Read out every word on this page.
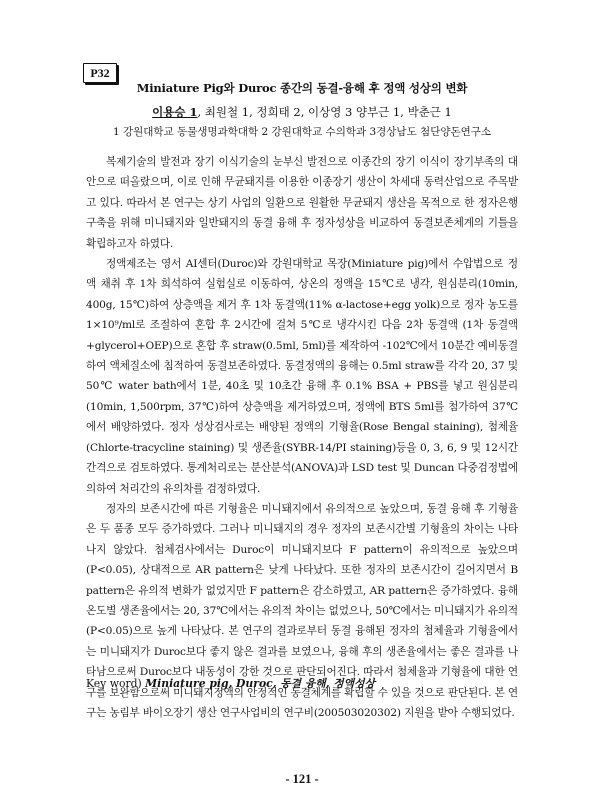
P32
Miniature Pig와 Duroc 종간의 동결-융해 후 정액 성상의 변화
이용승 1, 최원철 1, 정희태 2, 이상영 3 양부근 1, 박춘근 1
1 강원대학교 동물생명과학대학 2 강원대학교 수의학과 3경상남도 첨단양돈연구소

복제기술의 발전과 장기 이식기술의 눈부신 발전으로 이종간의 장기 이식이 장기부족의 대안으로 떠올랐으며, 이로 인해 무균돼지를 이용한 이종장기 생산이 차세대 동력산업으로 주목받고 있다. 따라서 본 연구는 상기 사업의 일환으로 원활한 무균돼지 생산을 목적으로 한 정자은행 구축을 위해 미니돼지와 일반돼지의 동결 융해 후 정자성상을 비교하여 동결보존체계의 기틀을 확립하고자 하였다.

정액제조는 영서 AI센터(Duroc)와 강원대학교 목장(Miniature pig)에서 수압법으로 정액 채취 후 1차 희석하여 실험실로 이동하여, 상온의 정액을 15℃로 냉각, 원심분리(10min, 400g, 15℃)하여 상층액을 제거 후 1차 동결액(11% α-lactose+egg yolk)으로 정자 농도를 1×10⁹/ml로 조절하여 혼합 후 2시간에 걸쳐 5℃로 냉각시킨 다음 2차 동결액 (1차 동결액+glycerol+OEP)으로 혼합 후 straw(0.5ml, 5ml)를 제작하여 -102℃에서 10분간 예비동결하여 액체질소에 침적하여 동결보존하였다. 동결정액의 융해는 0.5ml straw를 각각 20, 37 및 50℃ water bath에서 1분, 40초 및 10초간 융해 후 0.1% BSA + PBS를 넣고 원심분리(10min, 1,500rpm, 37℃)하여 상층액을 제거하였으며, 정액에 BTS 5ml를 첨가하여 37℃에서 배양하였다. 정자 성상검사로는 배양된 정액의 기형율(Rose Bengal staining), 첨체율(Chlorte-tracycline staining) 및 생존율(SYBR-14/PI staining)등을 0, 3, 6, 9 및 12시간 간격으로 검토하였다. 통계처리로는 분산분석(ANOVA)과 LSD test 및 Duncan 다중검정법에 의하여 처리간의 유의차를 검정하였다.

정자의 보존시간에 따른 기형율은 미니돼지에서 유의적으로 높았으며, 동결 융해 후 기형율은 두 품종 모두 증가하였다. 그러나 미니돼지의 경우 정자의 보존시간별 기형율의 차이는 나타나지 않았다. 첨체검사에서는 Duroc이 미니돼지보다 F pattern이 유의적으로 높았으며(P<0.05), 상대적으로 AR pattern은 낮게 나타났다. 또한 정자의 보존시간이 길어지면서 B pattern은 유의적 변화가 없었지만 F pattern은 감소하였고, AR pattern은 증가하였다. 융해 온도별 생존율에서는 20, 37℃에서는 유의적 차이는 없었으나, 50℃에서는 미니돼지가 유의적(P<0.05)으로 높게 나타났다. 본 연구의 결과로부터 동결 융해된 정자의 첨체율과 기형율에서는 미니돼지가 Duroc보다 좋지 않은 결과를 보였으나, 융해 후의 생존율에서는 좋은 결과를 나타남으로써 Duroc보다 내동성이 강한 것으로 판단되어진다. 따라서 첨체율과 기형율에 대한 연구를 보완함으로써 미니돼지정액의 안정적인 동결체계를 확립할 수 있을 것으로 판단된다. 본 연구는 농림부 바이오장기 생산 연구사업비의 연구비(200503020302) 지원을 받아 수행되었다.

Key word) Miniature pig, Duroc, 동결 융해, 정액성상
- 121 -
